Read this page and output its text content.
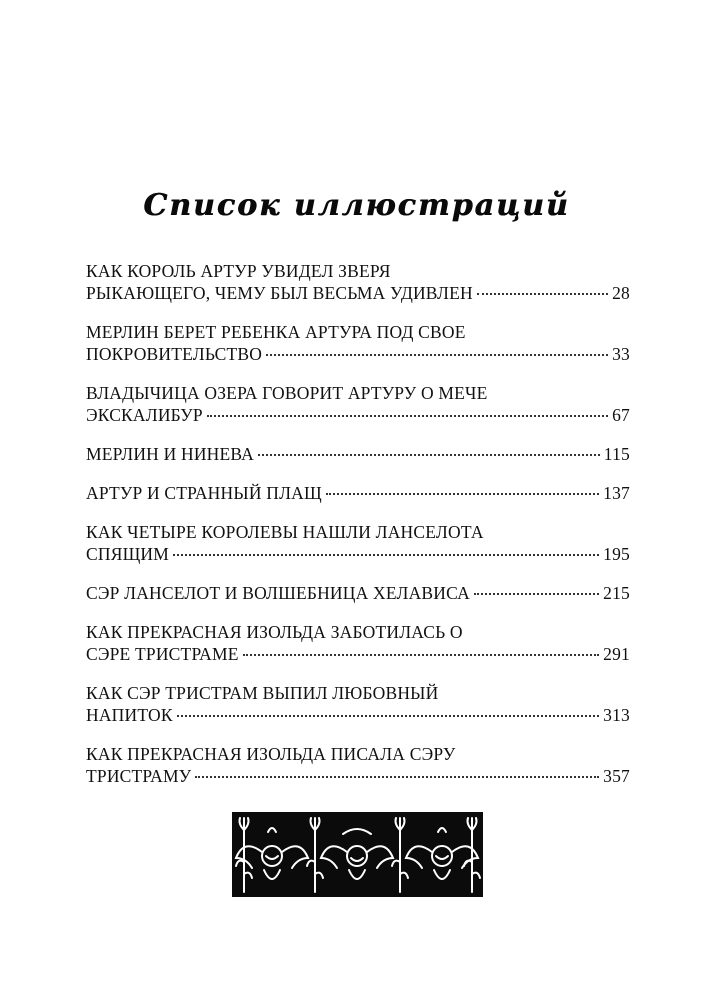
Список иллюстраций
КАК КОРОЛЬ АРТУР УВИДЕЛ ЗВЕРЯ
РЫКАЮЩЕГО, ЧЕМУ БЫЛ ВЕСЬМА УДИВЛЕН	28
МЕРЛИН БЕРЕТ РЕБЕНКА АРТУРА ПОД СВОЕ
ПОКРОВИТЕЛЬСТВО	33
ВЛАДЫЧИЦА ОЗЕРА ГОВОРИТ АРТУРУ О МЕЧЕ
ЭКСКАЛИБУР	67
МЕРЛИН И НИНЕВА	115
АРТУР И СТРАННЫЙ ПЛАЩ	137
КАК ЧЕТЫРЕ КОРОЛЕВЫ НАШЛИ ЛАНСЕЛОТА
СПЯЩИМ	195
СЭР ЛАНСЕЛОТ И ВОЛШЕБНИЦА ХЕЛАВИСА	215
КАК ПРЕКРАСНАЯ ИЗОЛЬДА ЗАБОТИЛАСЬ О
СЭРЕ ТРИСТРАМЕ	291
КАК СЭР ТРИСТРАМ ВЫПИЛ ЛЮБОВНЫЙ
НАПИТОК	313
КАК ПРЕКРАСНАЯ ИЗОЛЬДА ПИСАЛА СЭРУ
ТРИСТРАМУ	357
